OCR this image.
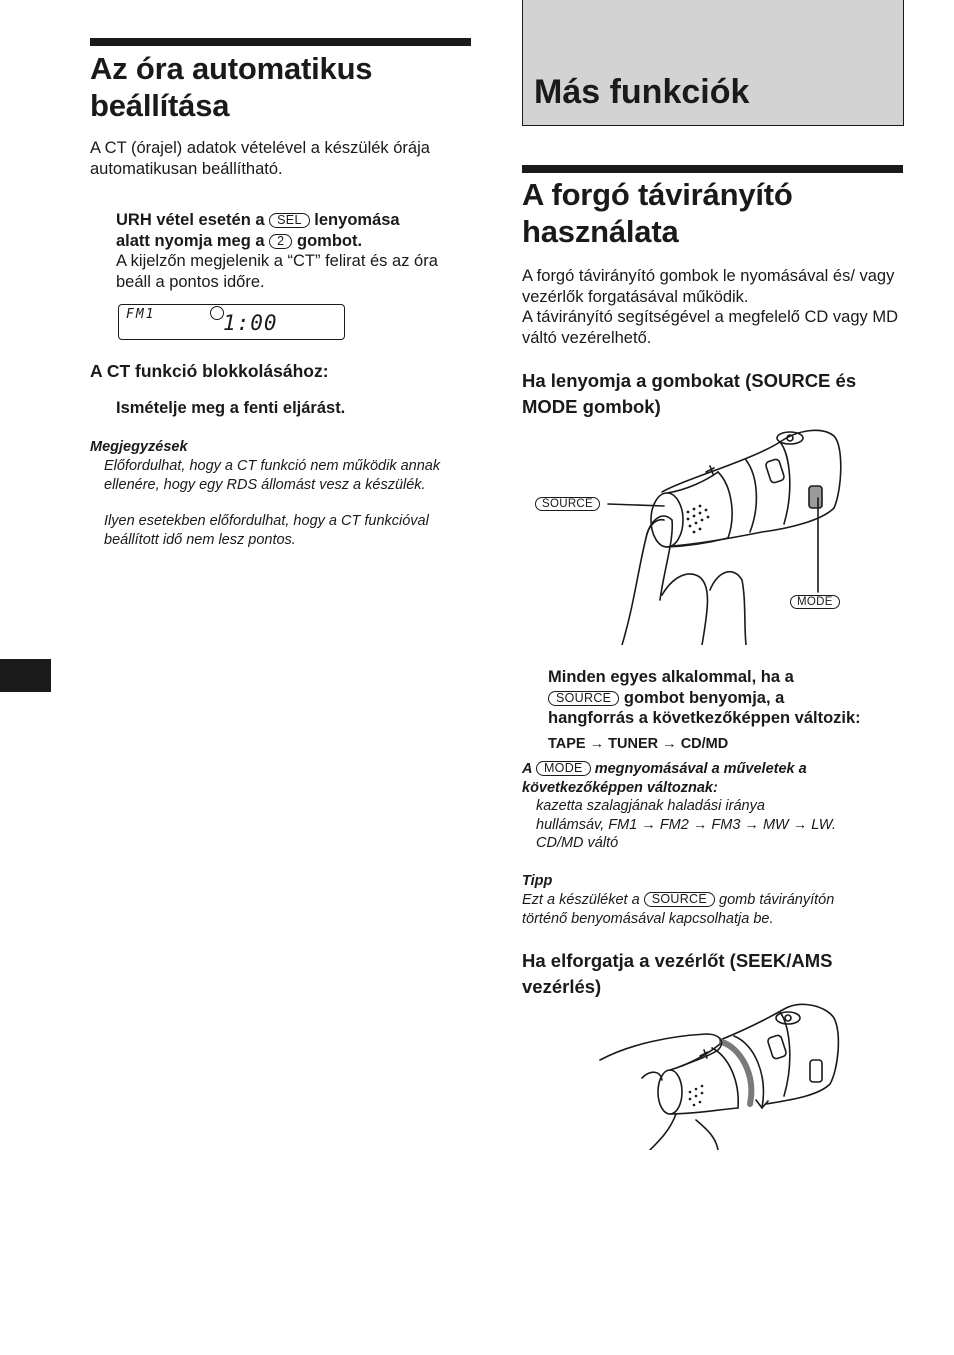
Az óra automatikus
beállítása
A CT (órajel) adatok vételével a készülék órája automatikusan beállítható.
URH vétel esetén a SEL lenyomása
alatt nyomja meg a 2 gombot.
A kijelzőn megjelenik a “CT” felirat és az óra beáll a pontos időre.
FM1	1:00
A CT funkció blokkolásához:
Ismételje meg a fenti eljárást.
Megjegyzések
Előfordulhat, hogy a CT funkció nem működik annak ellenére, hogy egy RDS állomást vesz a készülék.
Ilyen esetekben előfordulhat, hogy a CT funkcióval beállított idő nem lesz pontos.
Más funkciók
A forgó távirányító
használata
A forgó távirányító gombok le nyomásával és/ vagy vezérlők forgatásával működik.
A távirányító segítségével a megfelelő CD vagy MD váltó vezérelhető.
Ha lenyomja a gombokat (SOURCE és MODE gombok)
SOURCE
MODE
Minden egyes alkalommal, ha a
SOURCE gombot benyomja, a
hangforrás a következőképpen változik:
TAPE → TUNER → CD/MD
A MODE megnyomásával a műveletek a
következőképpen változnak:
kazetta szalagjának haladási iránya
hullámsáv, FM1 → FM2 → FM3 → MW → LW.
CD/MD váltó
Tipp
Ezt a készüléket a SOURCE gomb távirányítón
történő benyomásával kapcsolhatja be.
Ha elforgatja a vezérlőt (SEEK/AMS vezérlés)
